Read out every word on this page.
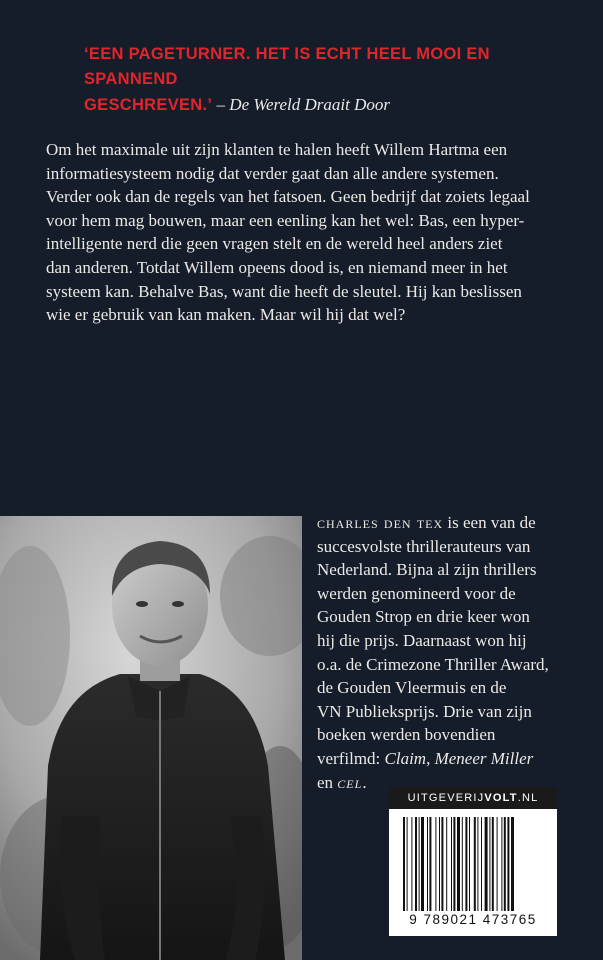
‘EEN PAGETURNER. HET IS ECHT HEEL MOOI EN SPANNEND
GESCHREVEN.’ – De Wereld Draait Door

Om het maximale uit zijn klanten te halen heeft Willem Hartma een
informatiesysteem nodig dat verder gaat dan alle andere systemen.
Verder ook dan de regels van het fatsoen. Geen bedrijf dat zoiets legaal
voor hem mag bouwen, maar een eenling kan het wel: Bas, een hyper-
intelligente nerd die geen vragen stelt en de wereld heel anders ziet
dan anderen. Totdat Willem opeens dood is, en niemand meer in het
systeem kan. Behalve Bas, want die heeft de sleutel. Hij kan beslissen
wie er gebruik van kan maken. Maar wil hij dat wel?

charles den tex is een van de
succesvolste thrillerauteurs van
Nederland. Bijna al zijn thrillers
werden genomineerd voor de
Gouden Strop en drie keer won
hij die prijs. Daarnaast won hij
o.a. de Crimezone Thriller Award,
de Gouden Vleermuis en de
VN Publieksprijs. Drie van zijn
boeken werden bovendien
verfilmd: Claim, Meneer Miller
en cel.

UITGEVERIJVOLT.NL
9 789021 473765
